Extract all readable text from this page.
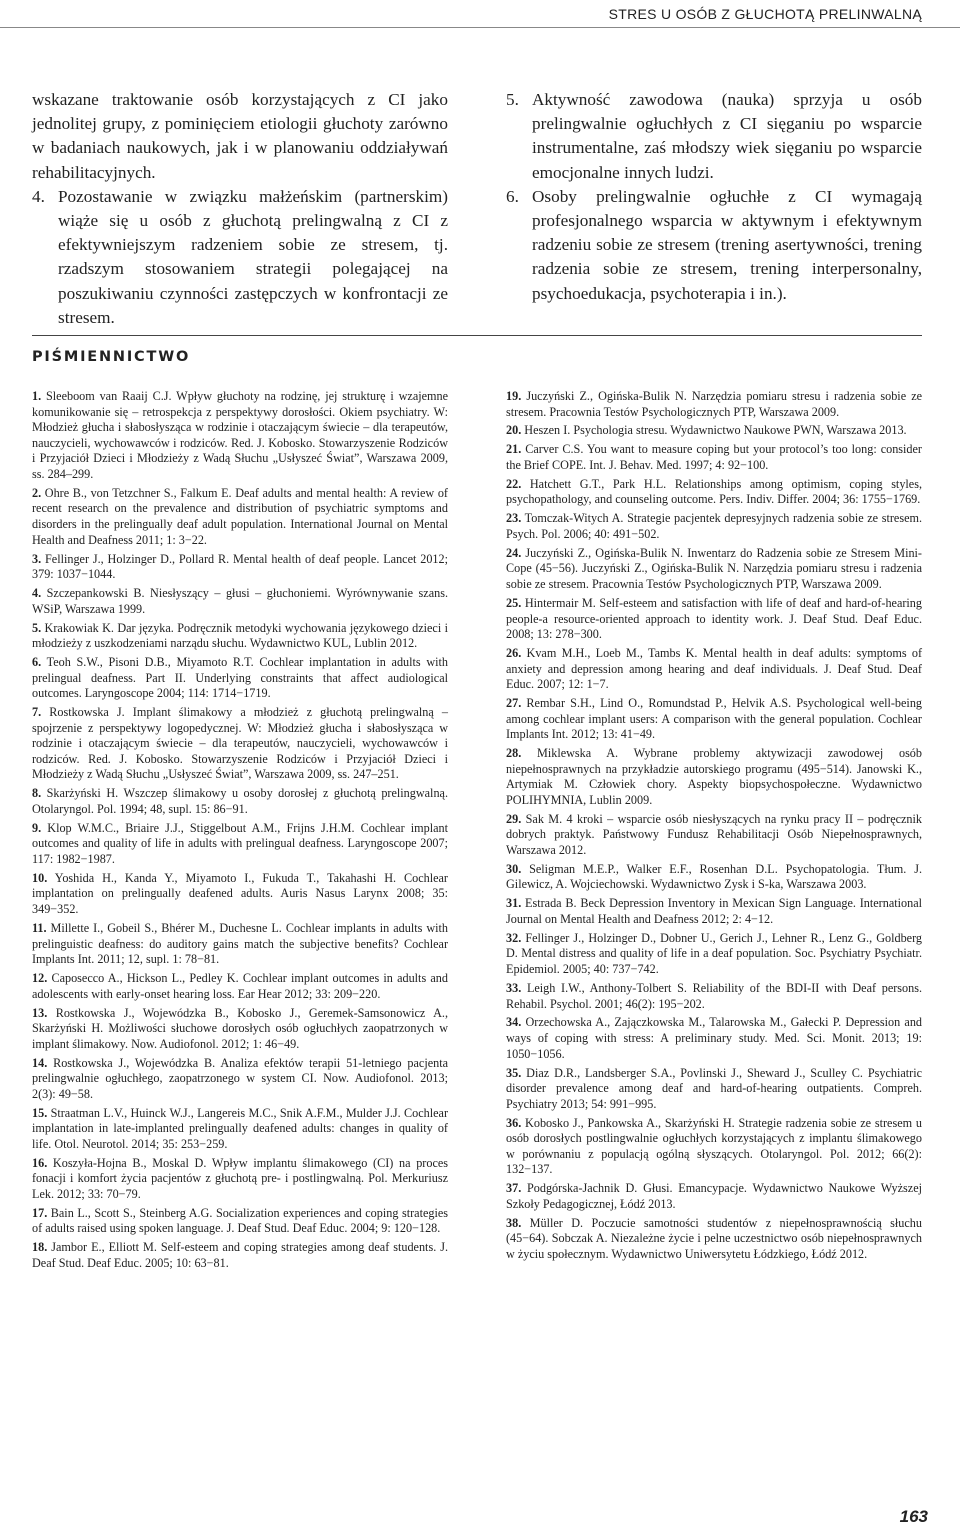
STRES U OSÓB Z GŁUCHOTĄ PRELINWALNĄ

wskazane traktowanie osób korzystających z CI jako jednolitej grupy, z pominięciem etiologii głuchoty zarówno w badaniach naukowych, jak i w planowaniu oddziaływań rehabilitacyjnych.

4. Pozostawanie w związku małżeńskim (partnerskim) wiąże się u osób z głuchotą prelingwalną z CI z efektywniejszym radzeniem sobie ze stresem, tj. rzadszym stosowaniem strategii polegającej na poszukiwaniu czynności zastępczych w konfrontacji ze stresem.

5. Aktywność zawodowa (nauka) sprzyja u osób prelingwalnie ogłuchłych z CI sięganiu po wsparcie instrumentalne, zaś młodszy wiek sięganiu po wsparcie emocjonalne innych ludzi.

6. Osoby prelingwalnie ogłuchłe z CI wymagają profesjonalnego wsparcia w aktywnym i efektywnym radzeniu sobie ze stresem (trening asertywności, trening radzenia sobie ze stresem, trening interpersonalny, psychoedukacja, psychoterapia i in.).

PIŚMIENNICTWO
1. Sleeboom van Raaij C.J. Wpływ głuchoty na rodzinę, jej strukturę i wzajemne komunikowanie się – retrospekcja z perspektywy dorosłości. Okiem psychiatry. W: Młodzież głucha i słabosłysząca w rodzinie i otaczającym świecie – dla terapeutów, nauczycieli, wychowawców i rodziców. Red. J. Kobosko. Stowarzyszenie Rodziców i Przyjaciół Dzieci i Młodzieży z Wadą Słuchu „Usłyszeć Świat”, Warszawa 2009, ss. 284–299.
2. Ohre B., von Tetzchner S., Falkum E. Deaf adults and mental health: A review of recent research on the prevalence and distribution of psychiatric symptoms and disorders in the prelingually deaf adult population. International Journal on Mental Health and Deafness 2011; 1: 3−22.
3. Fellinger J., Holzinger D., Pollard R. Mental health of deaf people. Lancet 2012; 379: 1037−1044.
4. Szczepankowski B. Niesłyszący – głusi – głuchoniemi. Wyrównywanie szans. WSiP, Warszawa 1999.
5. Krakowiak K. Dar języka. Podręcznik metodyki wychowania językowego dzieci i młodzieży z uszkodzeniami narządu słuchu. Wydawnictwo KUL, Lublin 2012.
6. Teoh S.W., Pisoni D.B., Miyamoto R.T. Cochlear implantation in adults with prelingual deafness. Part II. Underlying constraints that affect audiological outcomes. Laryngoscope 2004; 114: 1714−1719.
7. Rostkowska J. Implant ślimakowy a młodzież z głuchotą prelingwalną – spojrzenie z perspektywy logopedycznej. W: Młodzież głucha i słabosłysząca w rodzinie i otaczającym świecie – dla terapeutów, nauczycieli, wychowawców i rodziców. Red. J. Kobosko. Stowarzyszenie Rodziców i Przyjaciół Dzieci i Młodzieży z Wadą Słuchu „Usłyszeć Świat”, Warszawa 2009, ss. 247–251.
8. Skarżyński H. Wszczep ślimakowy u osoby dorosłej z głuchotą prelingwalną. Otolaryngol. Pol. 1994; 48, supl. 15: 86−91.
9. Klop W.M.C., Briaire J.J., Stiggelbout A.M., Frijns J.H.M. Cochlear implant outcomes and quality of life in adults with prelingual deafness. Laryngoscope 2007; 117: 1982−1987.
10. Yoshida H., Kanda Y., Miyamoto I., Fukuda T., Takahashi H. Cochlear implantation on prelingually deafened adults. Auris Nasus Larynx 2008; 35: 349−352.
11. Millette I., Gobeil S., Bhérer M., Duchesne L. Cochlear implants in adults with prelinguistic deafness: do auditory gains match the subjective benefits? Cochlear Implants Int. 2011; 12, supl. 1: 78−81.
12. Caposecco A., Hickson L., Pedley K. Cochlear implant outcomes in adults and adolescents with early-onset hearing loss. Ear Hear 2012; 33: 209−220.
13. Rostkowska J., Wojewódzka B., Kobosko J., Geremek-Samsonowicz A., Skarżyński H. Możliwości słuchowe dorosłych osób ogłuchłych zaopatrzonych w implant ślimakowy. Now. Audiofonol. 2012; 1: 46−49.
14. Rostkowska J., Wojewódzka B. Analiza efektów terapii 51-letniego pacjenta prelingwalnie ogłuchłego, zaopatrzonego w system CI. Now. Audiofonol. 2013; 2(3): 49−58.
15. Straatman L.V., Huinck W.J., Langereis M.C., Snik A.F.M., Mulder J.J. Cochlear implantation in late-implanted prelingually deafened adults: changes in quality of life. Otol. Neurotol. 2014; 35: 253−259.
16. Koszyła-Hojna B., Moskal D. Wpływ implantu ślimakowego (CI) na proces fonacji i komfort życia pacjentów z głuchotą pre- i postlingwalną. Pol. Merkuriusz Lek. 2012; 33: 70−79.
17. Bain L., Scott S., Steinberg A.G. Socialization experiences and coping strategies of adults raised using spoken language. J. Deaf Stud. Deaf Educ. 2004; 9: 120−128.
18. Jambor E., Elliott M. Self-esteem and coping strategies among deaf students. J. Deaf Stud. Deaf Educ. 2005; 10: 63−81.
19. Juczyński Z., Ogińska-Bulik N. Narzędzia pomiaru stresu i radzenia sobie ze stresem. Pracownia Testów Psychologicznych PTP, Warszawa 2009.
20. Heszen I. Psychologia stresu. Wydawnictwo Naukowe PWN, Warszawa 2013.
21. Carver C.S. You want to measure coping but your protocol’s too long: consider the Brief COPE. Int. J. Behav. Med. 1997; 4: 92−100.
22. Hatchett G.T., Park H.L. Relationships among optimism, coping styles, psychopathology, and counseling outcome. Pers. Indiv. Differ. 2004; 36: 1755−1769.
23. Tomczak-Witych A. Strategie pacjentek depresyjnych radzenia sobie ze stresem. Psych. Pol. 2006; 40: 491−502.
24. Juczyński Z., Ogińska-Bulik N. Inwentarz do Radzenia sobie ze Stresem Mini-Cope (45−56). Juczyński Z., Ogińska-Bulik N. Narzędzia pomiaru stresu i radzenia sobie ze stresem. Pracownia Testów Psychologicznych PTP, Warszawa 2009.
25. Hintermair M. Self-esteem and satisfaction with life of deaf and hard-of-hearing people-a resource-oriented approach to identity work. J. Deaf Stud. Deaf Educ. 2008; 13: 278−300.
26. Kvam M.H., Loeb M., Tambs K. Mental health in deaf adults: symptoms of anxiety and depression among hearing and deaf individuals. J. Deaf Stud. Deaf Educ. 2007; 12: 1−7.
27. Rembar S.H., Lind O., Romundstad P., Helvik A.S. Psychological well-being among cochlear implant users: A comparison with the general population. Cochlear Implants Int. 2012; 13: 41−49.
28. Miklewska A. Wybrane problemy aktywizacji zawodowej osób niepełnosprawnych na przykładzie autorskiego programu (495−514). Janowski K., Artymiak M. Człowiek chory. Aspekty biopsychospołeczne. Wydawnictwo POLIHYMNIA, Lublin 2009.
29. Sak M. 4 kroki – wsparcie osób niesłyszących na rynku pracy II – podręcznik dobrych praktyk. Państwowy Fundusz Rehabilitacji Osób Niepełnosprawnych, Warszawa 2012.
30. Seligman M.E.P., Walker E.F., Rosenhan D.L. Psychopatologia. Tłum. J. Gilewicz, A. Wojciechowski. Wydawnictwo Zysk i S-ka, Warszawa 2003.
31. Estrada B. Beck Depression Inventory in Mexican Sign Language. International Journal on Mental Health and Deafness 2012; 2: 4−12.
32. Fellinger J., Holzinger D., Dobner U., Gerich J., Lehner R., Lenz G., Goldberg D. Mental distress and quality of life in a deaf population. Soc. Psychiatry Psychiatr. Epidemiol. 2005; 40: 737−742.
33. Leigh I.W., Anthony-Tolbert S. Reliability of the BDI-II with Deaf persons. Rehabil. Psychol. 2001; 46(2): 195−202.
34. Orzechowska A., Zajączkowska M., Talarowska M., Gałecki P. Depression and ways of coping with stress: A preliminary study. Med. Sci. Monit. 2013; 19: 1050−1056.
35. Diaz D.R., Landsberger S.A., Povlinski J., Sheward J., Sculley C. Psychiatric disorder prevalence among deaf and hard-of-hearing outpatients. Compreh. Psychiatry 2013; 54: 991−995.
36. Kobosko J., Pankowska A., Skarżyński H. Strategie radzenia sobie ze stresem u osób dorosłych postlingwalnie ogłuchłych korzystających z implantu ślimakowego w porównaniu z populacją ogólną słyszących. Otolaryngol. Pol. 2012; 66(2): 132−137.
37. Podgórska-Jachnik D. Głusi. Emancypacje. Wydawnictwo Naukowe Wyższej Szkoły Pedagogicznej, Łódź 2013.
38. Müller D. Poczucie samotności studentów z niepełnosprawnością słuchu (45−64). Sobczak A. Niezależne życie i pelne uczestnictwo osób niepełnosprawnych w życiu społecznym. Wydawnictwo Uniwersytetu Łódzkiego, Łódź 2012.
163
